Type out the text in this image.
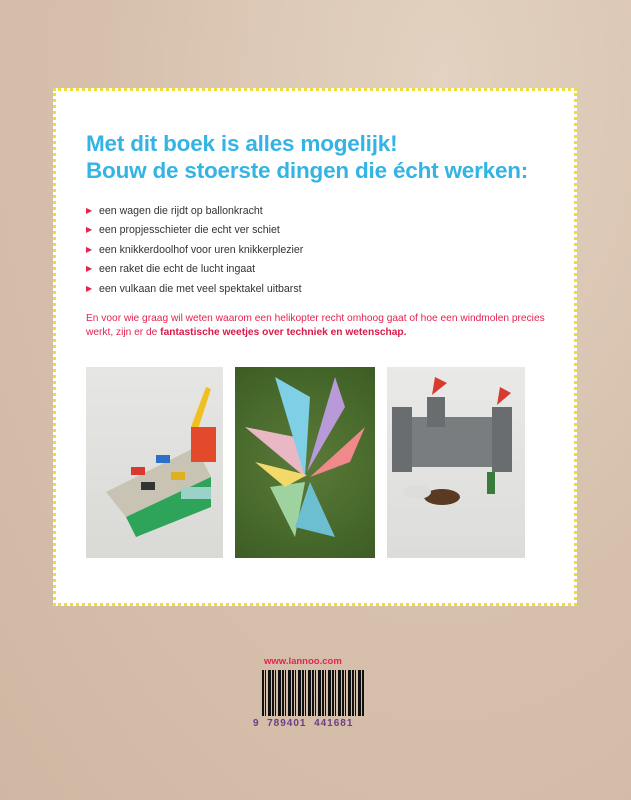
Met dit boek is alles mogelijk!
Bouw de stoerste dingen die écht werken:
▶ een wagen die rijdt op ballonkracht
▶ een propjesschieter die echt ver schiet
▶ een knikkerdoolhof voor uren knikkerplezier
▶ een raket die echt de lucht ingaat
▶ een vulkaan die met veel spektakel uitbarst
En voor wie graag wil weten waarom een helikopter recht omhoog gaat of hoe een windmolen precies werkt, zijn er de fantastische weetjes over techniek en wetenschap.
www.lannoo.com
9 789401 441681
